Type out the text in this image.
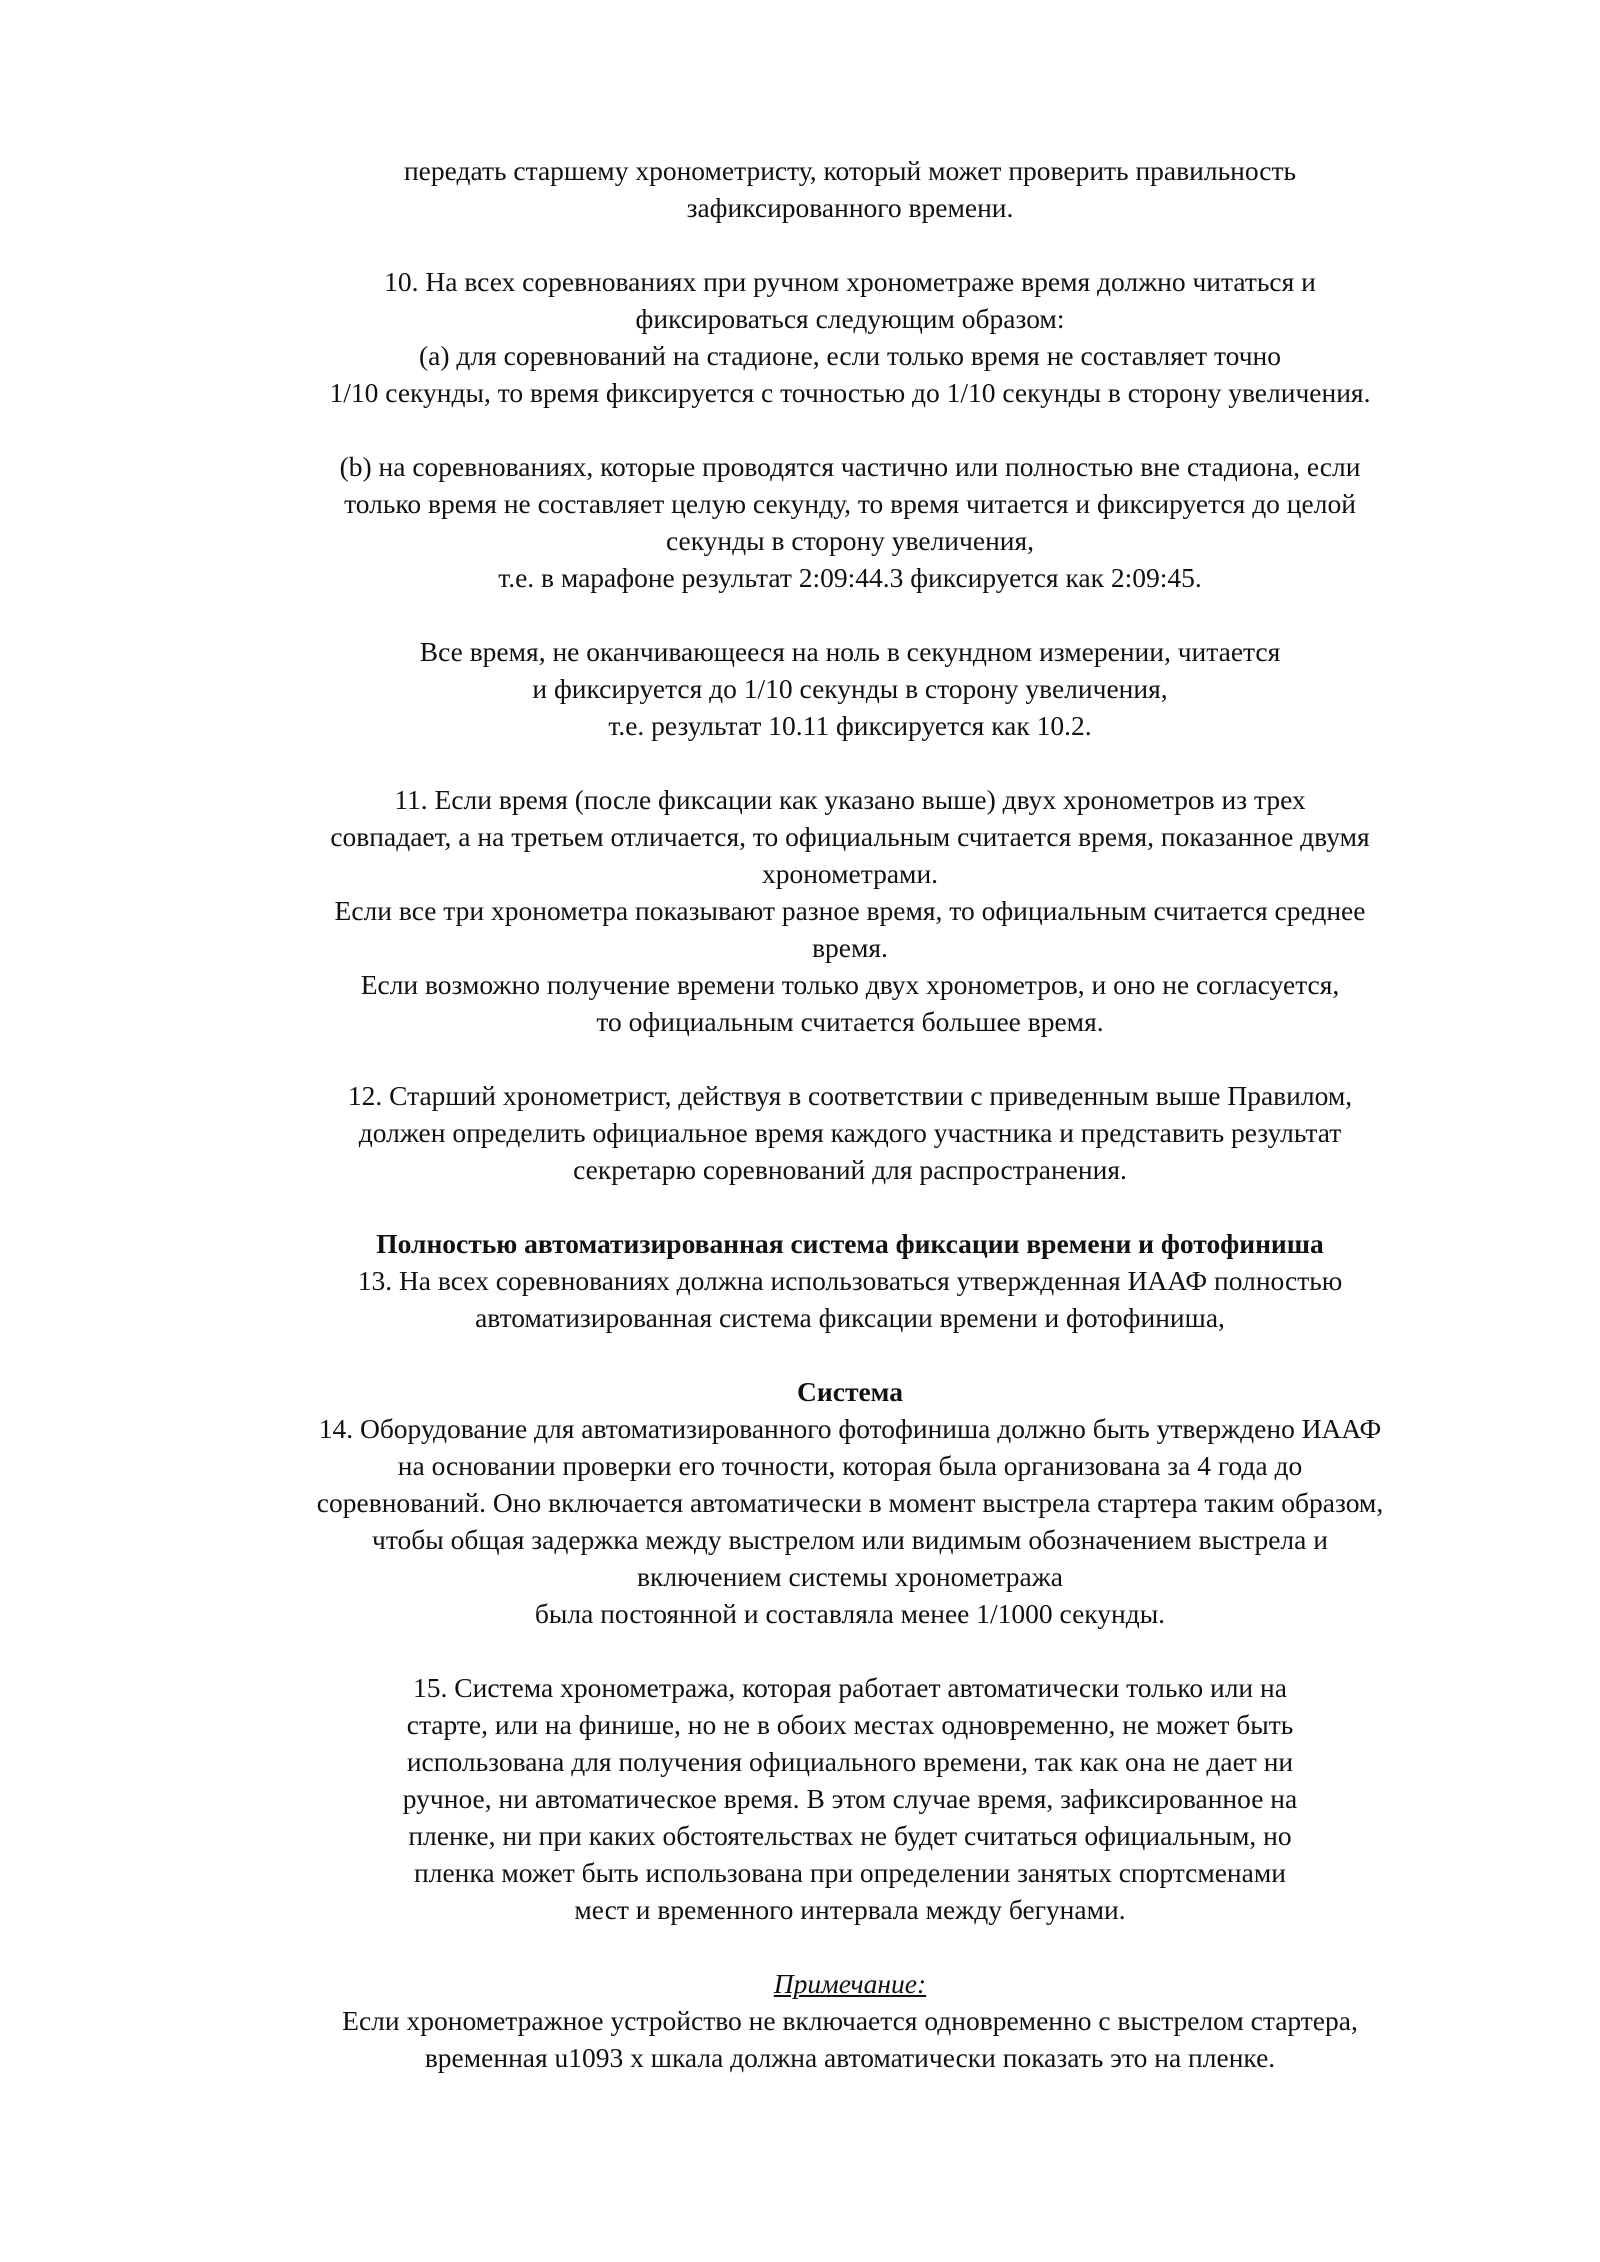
передать старшему хронометристу, который может проверить правильность
зафиксированного времени.
10. На всех соревнованиях при ручном хронометраже время должно читаться и
фиксироваться следующим образом:
(а) для соревнований на стадионе, если только время не составляет точно
1/10 секунды, то время фиксируется с точностью до 1/10 секунды в сторону увеличения.
(b) на соревнованиях, которые проводятся частично или полностью вне стадиона, если
только время не составляет целую секунду, то время читается и фиксируется до целой
секунды в сторону увеличения,
т.е. в марафоне результат 2:09:44.3 фиксируется как 2:09:45.
Все время, не оканчивающееся на ноль в секундном измерении, читается
и фиксируется до 1/10 секунды в сторону увеличения,
т.е. результат 10.11 фиксируется как 10.2.
11. Если время (после фиксации как указано выше) двух хронометров из трех
совпадает, а на третьем отличается, то официальным считается время, показанное двумя
хронометрами.
Если все три хронометра показывают разное время, то официальным считается среднее
время.
Если возможно получение времени только двух хронометров, и оно не согласуется,
то официальным считается большее время.
12. Старший хронометрист, действуя в соответствии с приведенным выше Правилом,
должен определить официальное время каждого участника и представить результат
секретарю соревнований для распространения.
Полностью автоматизированная система фиксации времени и фотофиниша
13. На всех соревнованиях должна использоваться утвержденная ИААФ полностью
автоматизированная система фиксации времени и фотофиниша,
Система
14. Оборудование для автоматизированного фотофиниша должно быть утверждено ИААФ
на основании проверки его точности, которая была организована за 4 года до
соревнований. Оно включается автоматически в момент выстрела стартера таким образом,
чтобы общая задержка между выстрелом или видимым обозначением выстрела и
включением системы хронометража
была постоянной и составляла менее 1/1000 секунды.
15. Система хронометража, которая работает автоматически только или на
старте, или на финише, но не в обоих местах одновременно, не может быть
использована для получения официального времени, так как она не дает ни
ручное, ни автоматическое время. В этом случае время, зафиксированное на
пленке, ни при каких обстоятельствах не будет считаться официальным, но
пленка может быть использована при определении занятых спортсменами
мест и временного интервала между бегунами.
Примечание:
Если хронометражное устройство не включается одновременно с выстрелом стартера,
временная u1093 x шкала должна автоматически показать это на пленке.
